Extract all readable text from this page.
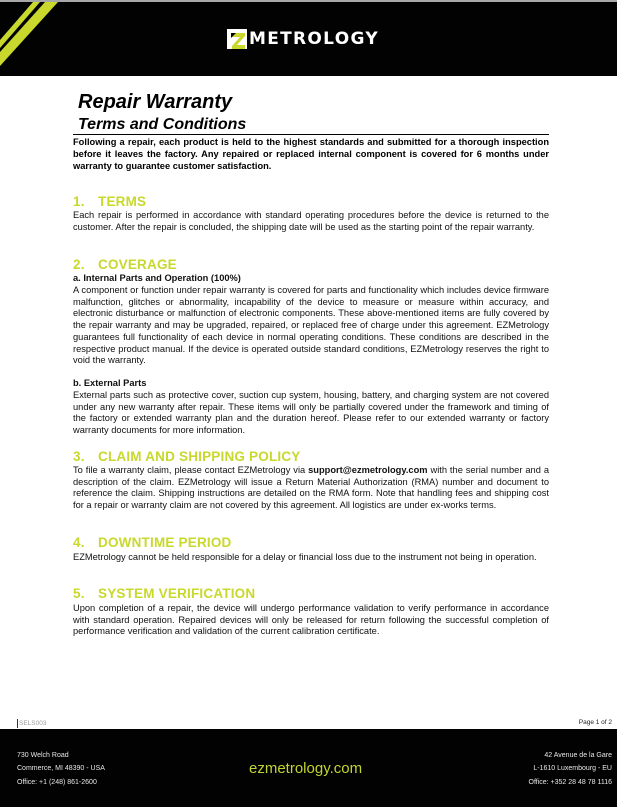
METROLOGY
Repair Warranty
Terms and Conditions
Following a repair, each product is held to the highest standards and submitted for a thorough inspection before it leaves the factory. Any repaired or replaced internal component is covered for 6 months under warranty to guarantee customer satisfaction.
1. TERMS
Each repair is performed in accordance with standard operating procedures before the device is returned to the customer. After the repair is concluded, the shipping date will be used as the starting point of the repair warranty.
2. COVERAGE
a. Internal Parts and Operation (100%)
A component or function under repair warranty is covered for parts and functionality which includes device firmware malfunction, glitches or abnormality, incapability of the device to measure or measure within accuracy, and electronic disturbance or malfunction of electronic components. These above-mentioned items are fully covered by the repair warranty and may be upgraded, repaired, or replaced free of charge under this agreement. EZMetrology guarantees full functionality of each device in normal operating conditions. These conditions are described in the respective product manual. If the device is operated outside standard conditions, EZMetrology reserves the right to void the warranty.
b. External Parts
External parts such as protective cover, suction cup system, housing, battery, and charging system are not covered under any new warranty after repair. These items will only be partially covered under the framework and timing of the factory or extended warranty plan and the duration hereof. Please refer to our extended warranty or factory warranty documents for more information.
3. CLAIM AND SHIPPING POLICY
To file a warranty claim, please contact EZMetrology via support@ezmetrology.com with the serial number and a description of the claim. EZMetrology will issue a Return Material Authorization (RMA) number and document to reference the claim. Shipping instructions are detailed on the RMA form. Note that handling fees and shipping cost for a repair or warranty claim are not covered by this agreement. All logistics are under ex-works terms.
4. DOWNTIME PERIOD
EZMetrology cannot be held responsible for a delay or financial loss due to the instrument not being in operation.
5. SYSTEM VERIFICATION
Upon completion of a repair, the device will undergo performance validation to verify performance in accordance with standard operation. Repaired devices will only be released for return following the successful completion of performance verification and validation of the current calibration certificate.
SELS003	Page 1 of 2
730 Welch Road
Commerce, MI 48390 - USA
Office: +1 (248) 861-2600
ezmetrology.com
42 Avenue de la Gare
L-1610 Luxembourg - EU
Office: +352 28 48 78 1116
